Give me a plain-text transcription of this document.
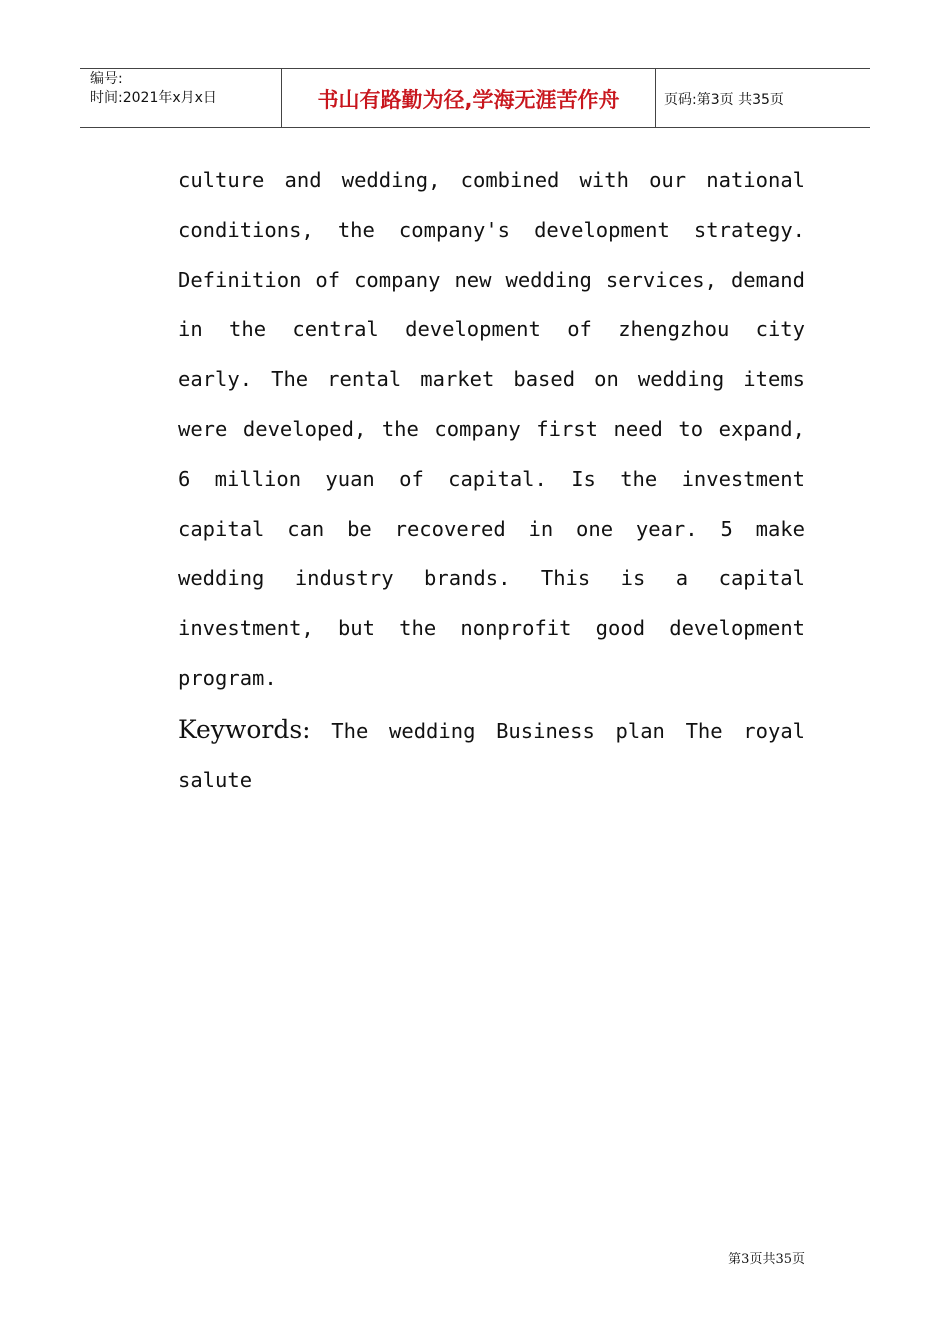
编号:
时间:2021年x月x日	书山有路勤为径,学海无涯苦作舟	页码:第3页 共35页

culture and wedding, combined with our national conditions, the company's development strategy. Definition of company new wedding services, demand in the central development of zhengzhou city early. The rental market based on wedding items were developed, the company first need to expand, 6 million yuan of capital. Is the investment capital can be recovered in one year. 5 make wedding industry brands. This is a capital investment, but the nonprofit good development program.

Keywords: The wedding Business plan The royal salute
第3页共35页
